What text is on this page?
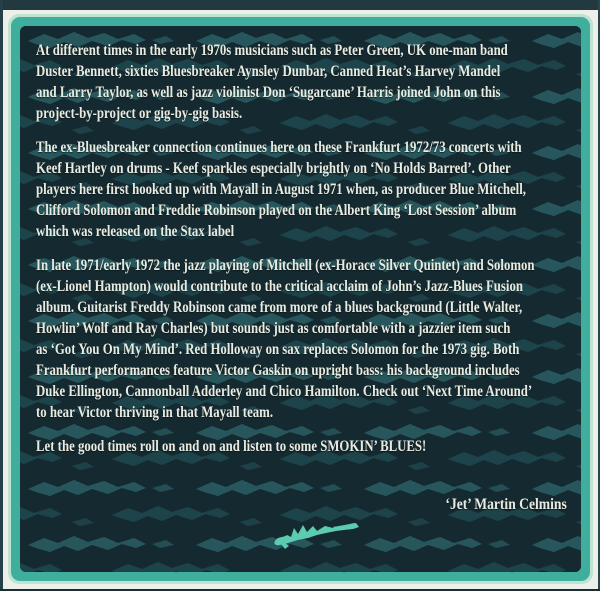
At different times in the early 1970s musicians such as Peter Green, UK one-man band
Duster Bennett, sixties Bluesbreaker Aynsley Dunbar, Canned Heat’s Harvey Mandel
and Larry Taylor, as well as jazz violinist Don ‘Sugarcane’ Harris joined John on this
project-by-project or gig-by-gig basis.
The ex-Bluesbreaker connection continues here on these Frankfurt 1972/73 concerts with
Keef Hartley on drums - Keef sparkles especially brightly on ‘No Holds Barred’. Other
players here first hooked up with Mayall in August 1971 when, as producer Blue Mitchell,
Clifford Solomon and Freddie Robinson played on the Albert King ‘Lost Session’ album
which was released on the Stax label
In late 1971/early 1972 the jazz playing of Mitchell (ex-Horace Silver Quintet) and Solomon
(ex-Lionel Hampton) would contribute to the critical acclaim of John’s Jazz-Blues Fusion
album. Guitarist Freddy Robinson came from more of a blues background (Little Walter,
Howlin’ Wolf and Ray Charles) but sounds just as comfortable with a jazzier item such
as ‘Got You On My Mind’. Red Holloway on sax replaces Solomon for the 1973 gig. Both
Frankfurt performances feature Victor Gaskin on upright bass: his background includes
Duke Ellington, Cannonball Adderley and Chico Hamilton. Check out ‘Next Time Around’
to hear Victor thriving in that Mayall team.
Let the good times roll on and on and listen to some SMOKIN’ BLUES!
‘Jet’ Martin Celmins
